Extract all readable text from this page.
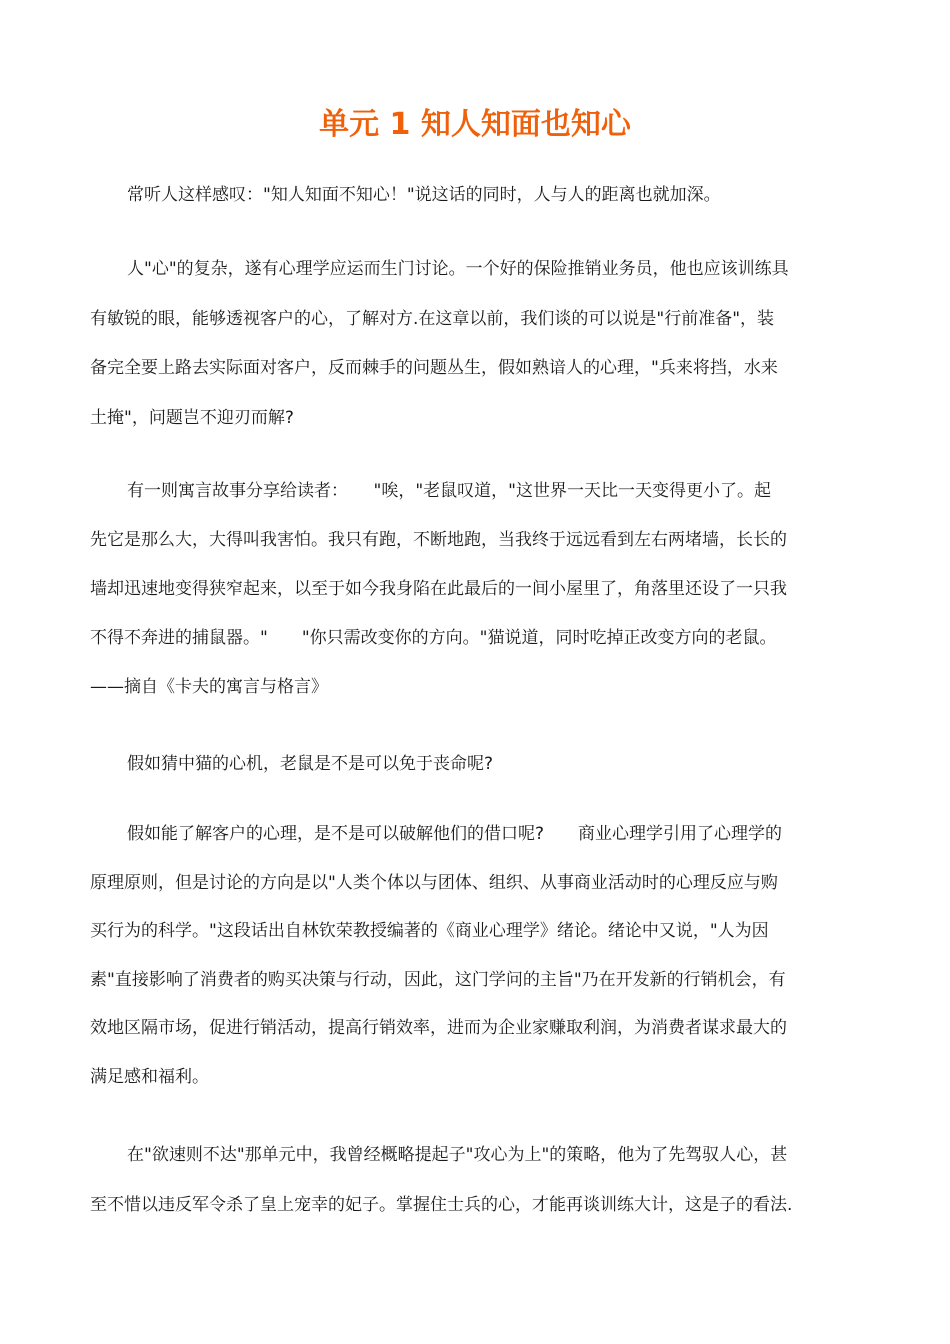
单元 1 知人知面也知心

常听人这样感叹："知人知面不知心！"说这话的同时，人与人的距离也就加深。

人"心"的复杂，遂有心理学应运而生门讨论。一个好的保险推销业务员，他也应该训练具
有敏锐的眼，能够透视客户的心，了解对方.在这章以前，我们谈的可以说是"行前准备"，装
备完全要上路去实际面对客户，反而棘手的问题丛生，假如熟谙人的心理，"兵来将挡，水来
土掩"，问题岂不迎刃而解?

有一则寓言故事分享给读者：　　"唉，"老鼠叹道，"这世界一天比一天变得更小了。起
先它是那么大，大得叫我害怕。我只有跑，不断地跑，当我终于远远看到左右两堵墙，长长的
墙却迅速地变得狭窄起来，以至于如今我身陷在此最后的一间小屋里了，角落里还设了一只我
不得不奔进的捕鼠器。"　　"你只需改变你的方向。"猫说道，同时吃掉正改变方向的老鼠。
——摘自《卡夫的寓言与格言》

假如猜中猫的心机，老鼠是不是可以免于丧命呢?

假如能了解客户的心理，是不是可以破解他们的借口呢?　　商业心理学引用了心理学的
原理原则，但是讨论的方向是以"人类个体以与团体、组织、从事商业活动时的心理反应与购
买行为的科学。"这段话出自林钦荣教授编著的《商业心理学》绪论。绪论中又说，"人为因
素"直接影响了消费者的购买决策与行动，因此，这门学问的主旨"乃在开发新的行销机会，有
效地区隔市场，促进行销活动，提高行销效率，进而为企业家赚取利润，为消费者谋求最大的
满足感和福利。

在"欲速则不达"那单元中，我曾经概略提起子"攻心为上"的策略，他为了先驾驭人心，甚
至不惜以违反军令杀了皇上宠幸的妃子。掌握住士兵的心，才能再谈训练大计，这是子的看法.
